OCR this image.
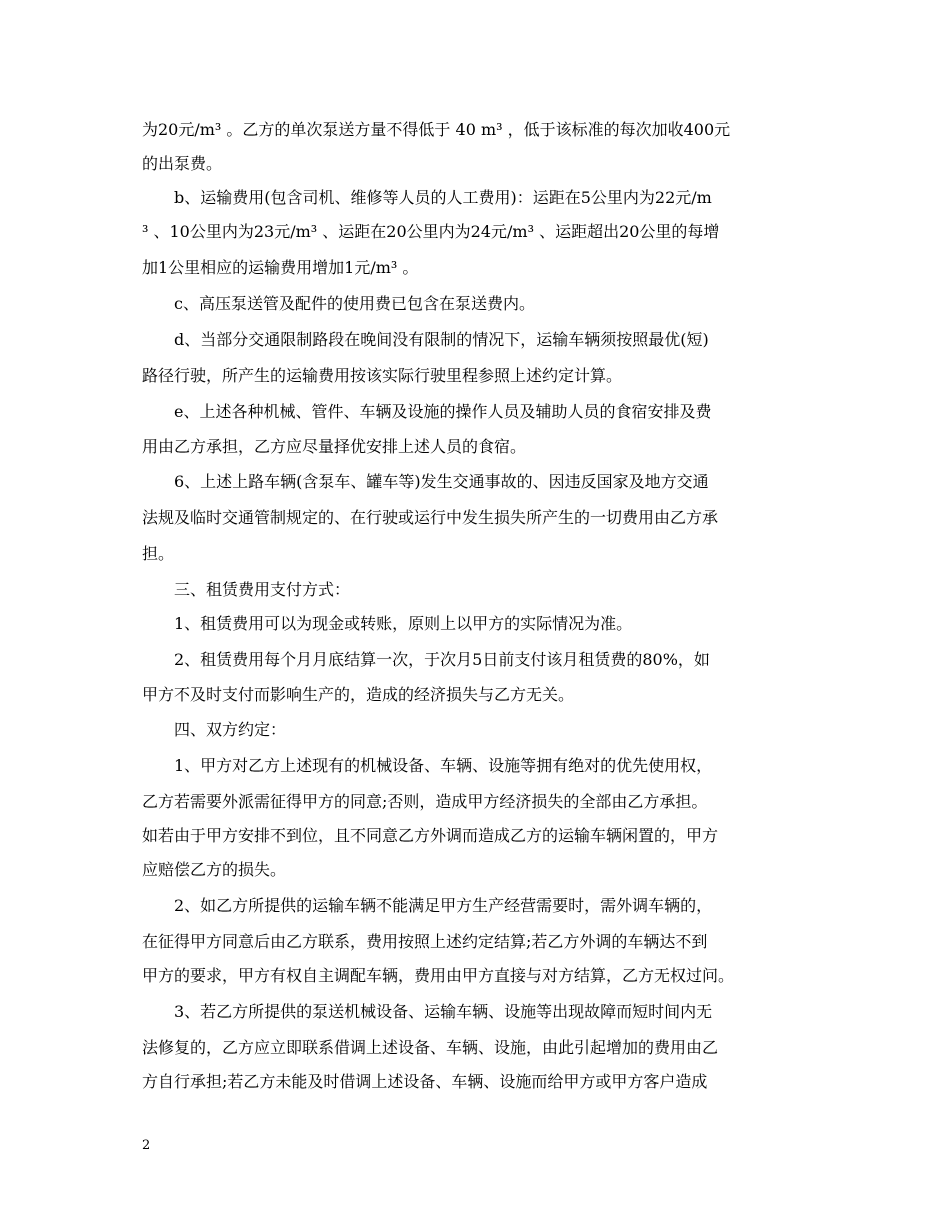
为20元/m³ 。乙方的单次泵送方量不得低于 40 m³ ，低于该标准的每次加收400元
的出泵费。
b、运输费用(包含司机、维修等人员的人工费用)：运距在5公里内为22元/m
³ 、10公里内为23元/m³ 、运距在20公里内为24元/m³ 、运距超出20公里的每增
加1公里相应的运输费用增加1元/m³ 。
c、高压泵送管及配件的使用费已包含在泵送费内。
d、当部分交通限制路段在晚间没有限制的情况下，运输车辆须按照最优(短)
路径行驶，所产生的运输费用按该实际行驶里程参照上述约定计算。
e、上述各种机械、管件、车辆及设施的操作人员及辅助人员的食宿安排及费
用由乙方承担，乙方应尽量择优安排上述人员的食宿。
6、上述上路车辆(含泵车、罐车等)发生交通事故的、因违反国家及地方交通
法规及临时交通管制规定的、在行驶或运行中发生损失所产生的一切费用由乙方承
担。
三、租赁费用支付方式：
1、租赁费用可以为现金或转账，原则上以甲方的实际情况为准。
2、租赁费用每个月月底结算一次，于次月5日前支付该月租赁费的80%，如
甲方不及时支付而影响生产的，造成的经济损失与乙方无关。
四、双方约定：
1、甲方对乙方上述现有的机械设备、车辆、设施等拥有绝对的优先使用权，
乙方若需要外派需征得甲方的同意;否则，造成甲方经济损失的全部由乙方承担。
如若由于甲方安排不到位，且不同意乙方外调而造成乙方的运输车辆闲置的，甲方
应赔偿乙方的损失。
2、如乙方所提供的运输车辆不能满足甲方生产经营需要时，需外调车辆的，
在征得甲方同意后由乙方联系，费用按照上述约定结算;若乙方外调的车辆达不到
甲方的要求，甲方有权自主调配车辆，费用由甲方直接与对方结算，乙方无权过问。
3、若乙方所提供的泵送机械设备、运输车辆、设施等出现故障而短时间内无
法修复的，乙方应立即联系借调上述设备、车辆、设施，由此引起增加的费用由乙
方自行承担;若乙方未能及时借调上述设备、车辆、设施而给甲方或甲方客户造成
2
